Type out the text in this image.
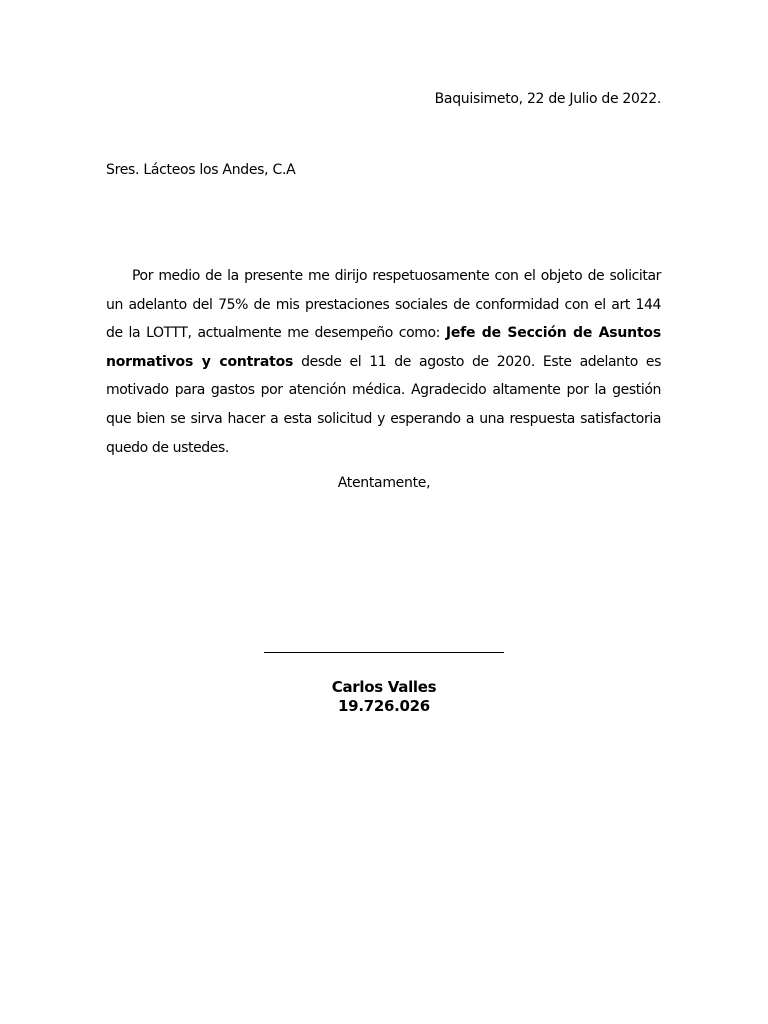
Baquisimeto, 22 de Julio de 2022.
Sres. Lácteos los Andes, C.A

Por medio de la presente me dirijo respetuosamente con el objeto de solicitar un adelanto del 75% de mis prestaciones sociales de conformidad con el art 144 de la LOTTT, actualmente me desempeño como: Jefe de Sección de Asuntos normativos y contratos desde el 11 de agosto de 2020. Este adelanto es motivado para gastos por atención médica. Agradecido altamente por la gestión que bien se sirva hacer a esta solicitud y esperando a una respuesta satisfactoria quedo de ustedes.

Atentamente,
Carlos Valles
19.726.026
